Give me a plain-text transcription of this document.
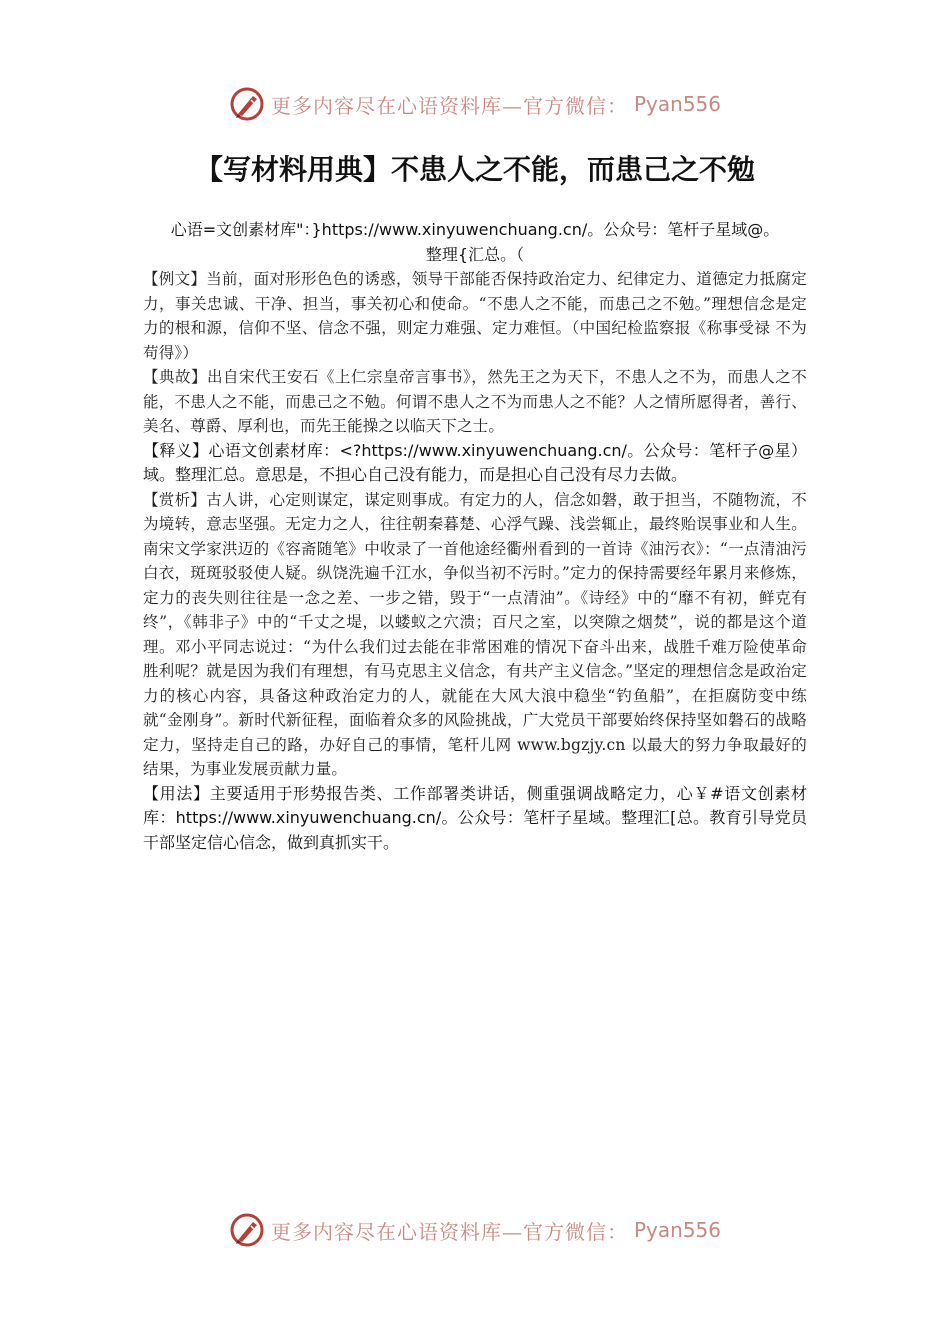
更多内容尽在心语资料库—官方微信： Pyan556
【写材料用典】不患人之不能，而患己之不勉
心语=文创素材库"：}https://www.xinyuwenchuang.cn/。公众号：笔杆子星域@。
整理{汇总。（

【例文】当前，面对形形色色的诱惑，领导干部能否保持政治定力、纪律定力、道德定力抵腐定力，事关忠诚、干净、担当，事关初心和使命。“不患人之不能，而患己之不勉。”理想信念是定力的根和源，信仰不坚、信念不强，则定力难强、定力难恒。（中国纪检监察报《称事受禄 不为苟得》）

【典故】出自宋代王安石《上仁宗皇帝言事书》，然先王之为天下，不患人之不为，而患人之不能，不患人之不能，而患己之不勉。何谓不患人之不为而患人之不能？人之情所愿得者，善行、美名、尊爵、厚利也，而先王能操之以临天下之士。

【释义】心语文创素材库：<?https://www.xinyuwenchuang.cn/。公众号：笔杆子@星）域。整理汇总。意思是，不担心自己没有能力，而是担心自己没有尽力去做。

【赏析】古人讲，心定则谋定，谋定则事成。有定力的人，信念如磐，敢于担当，不随物流，不为境转，意志坚强。无定力之人，往往朝秦暮楚、心浮气躁、浅尝辄止，最终贻误事业和人生。南宋文学家洪迈的《容斋随笔》中收录了一首他途经衢州看到的一首诗《油污衣》：“一点清油污白衣，斑斑驳驳使人疑。纵饶洗遍千江水，争似当初不污时。”定力的保持需要经年累月来修炼，定力的丧失则往往是一念之差、一步之错，毁于“一点清油”。《诗经》中的“靡不有初，鲜克有终”，《韩非子》中的“千丈之堤，以蝼蚁之穴溃；百尺之室，以突隙之烟焚”，说的都是这个道理。邓小平同志说过：“为什么我们过去能在非常困难的情况下奋斗出来，战胜千难万险使革命胜利呢？就是因为我们有理想，有马克思主义信念，有共产主义信念。”坚定的理想信念是政治定力的核心内容，具备这种政治定力的人，就能在大风大浪中稳坐“钓鱼船”，在拒腐防变中练就“金刚身”。新时代新征程，面临着众多的风险挑战，广大党员干部要始终保持坚如磐石的战略定力，坚持走自己的路，办好自己的事情，笔杆儿网 www.bgzjy.cn 以最大的努力争取最好的结果，为事业发展贡献力量。

【用法】主要适用于形势报告类、工作部署类讲话，侧重强调战略定力，心￥#语文创素材库：https://www.xinyuwenchuang.cn/。公众号：笔杆子星域。整理汇[总。教育引导党员干部坚定信心信念，做到真抓实干。

更多内容尽在心语资料库—官方微信： Pyan556
